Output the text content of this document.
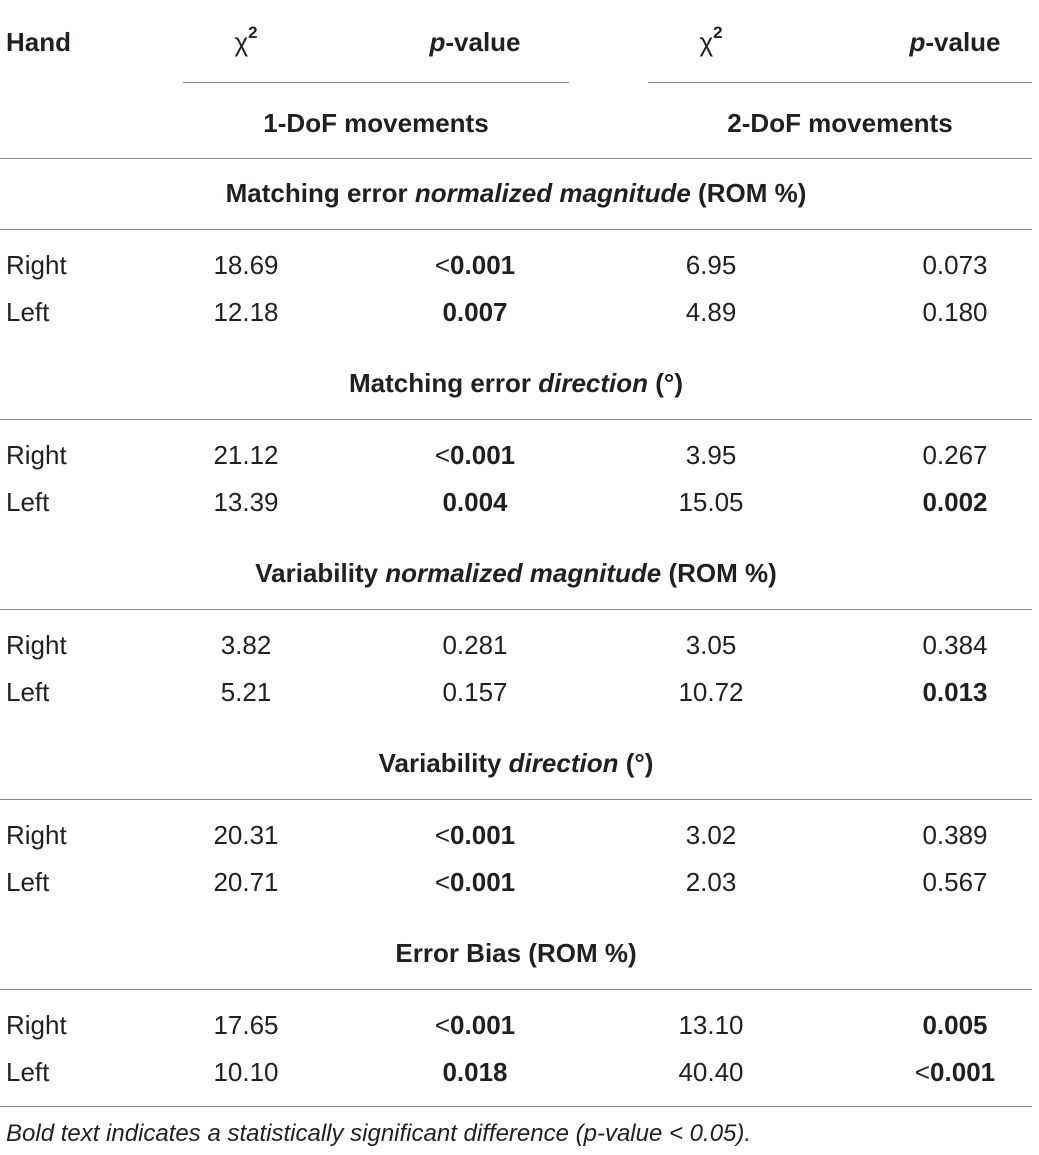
Hand	$\chi^2$	p-value	$\chi^2$	p-value
1-DoF movements	2-DoF movements
Matching error normalized magnitude (ROM %)
Right	18.69	<0.001	6.95	0.073
Left	12.18	0.007	4.89	0.180
Matching error direction (°)
Right	21.12	<0.001	3.95	0.267
Left	13.39	0.004	15.05	0.002
Variability normalized magnitude (ROM %)
Right	3.82	0.281	3.05	0.384
Left	5.21	0.157	10.72	0.013
Variability direction (°)
Right	20.31	<0.001	3.02	0.389
Left	20.71	<0.001	2.03	0.567
Error Bias (ROM %)
Right	17.65	<0.001	13.10	0.005
Left	10.10	0.018	40.40	<0.001
Bold text indicates a statistically significant difference (p-value < 0.05).
